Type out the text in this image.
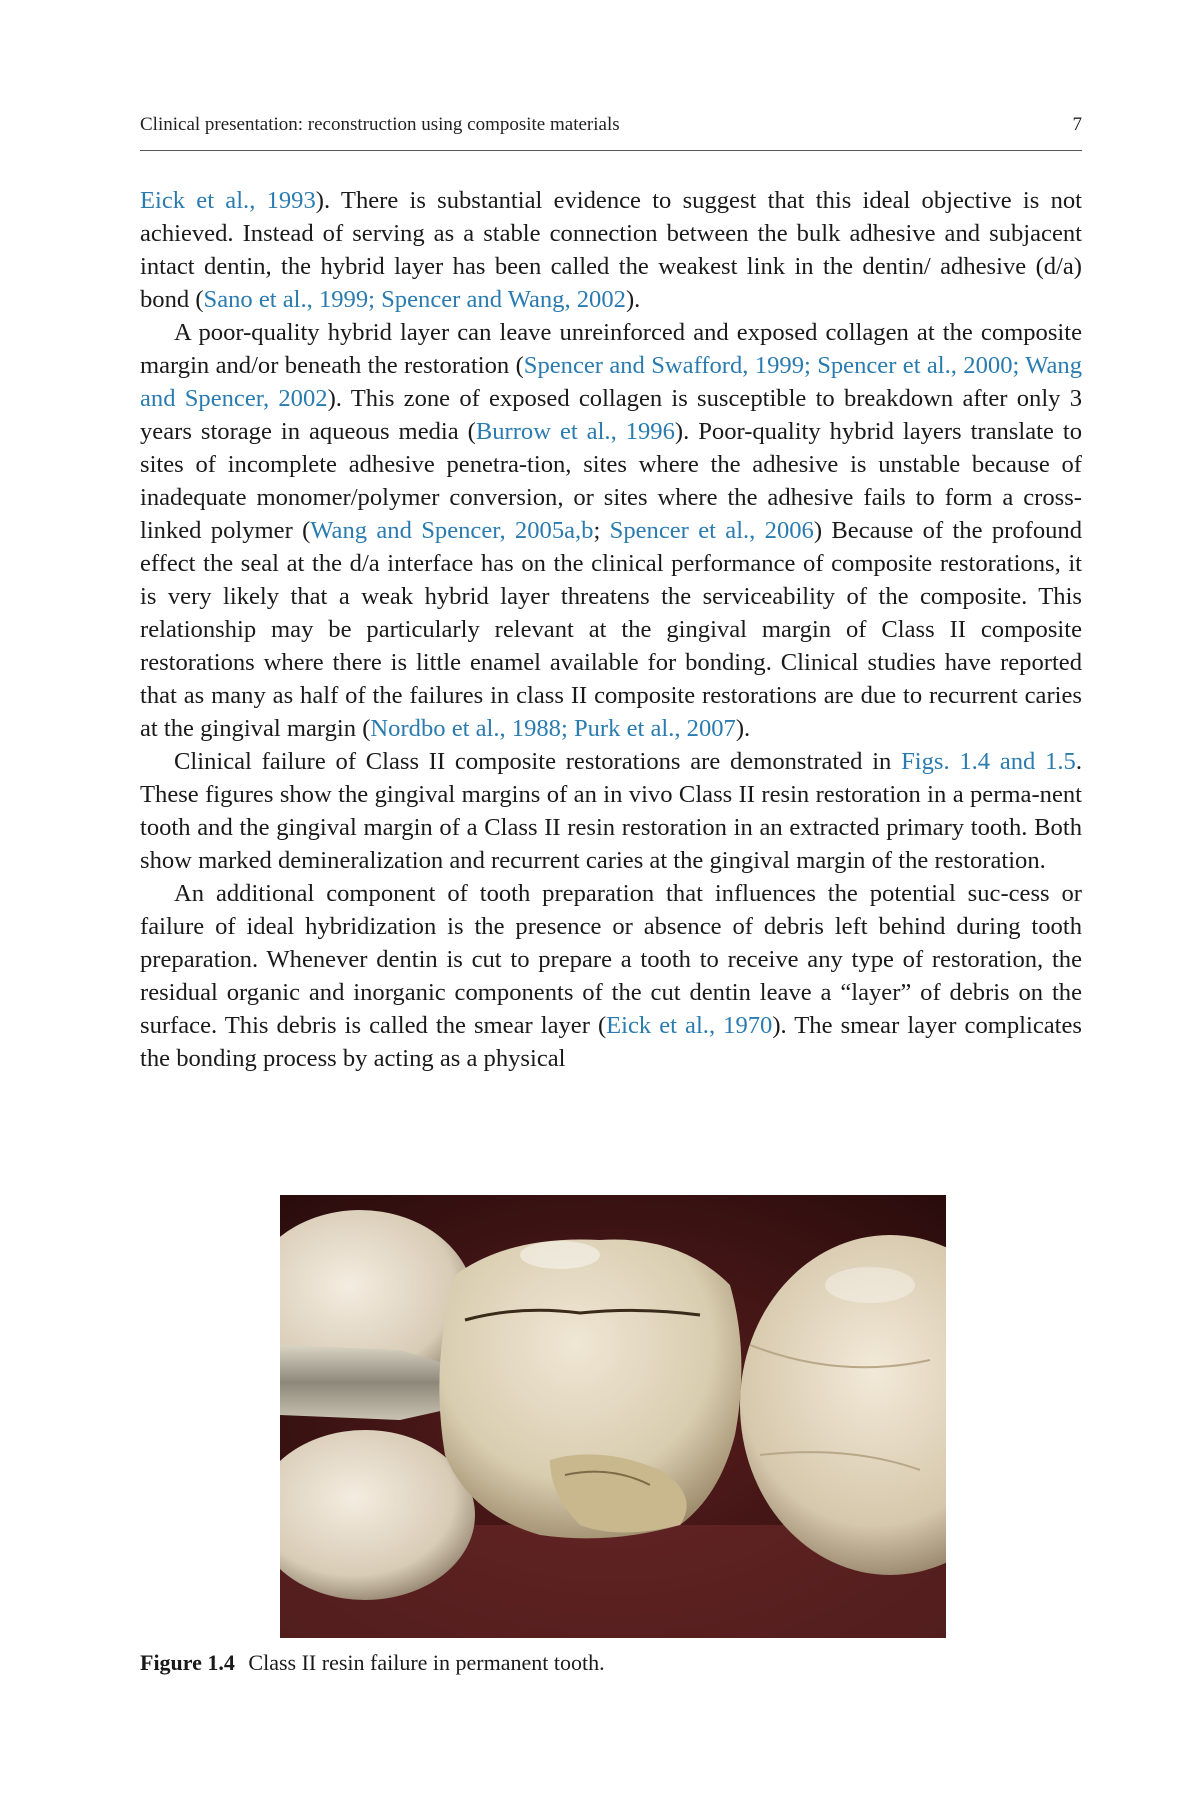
Clinical presentation: reconstruction using composite materials	7

Eick et al., 1993). There is substantial evidence to suggest that this ideal objective is not achieved. Instead of serving as a stable connection between the bulk adhesive and subjacent intact dentin, the hybrid layer has been called the weakest link in the dentin/ adhesive (d/a) bond (Sano et al., 1999; Spencer and Wang, 2002).

A poor-quality hybrid layer can leave unreinforced and exposed collagen at the composite margin and/or beneath the restoration (Spencer and Swafford, 1999; Spencer et al., 2000; Wang and Spencer, 2002). This zone of exposed collagen is susceptible to breakdown after only 3 years storage in aqueous media (Burrow et al., 1996). Poor-quality hybrid layers translate to sites of incomplete adhesive penetra-tion, sites where the adhesive is unstable because of inadequate monomer/polymer conversion, or sites where the adhesive fails to form a cross-linked polymer (Wang and Spencer, 2005a,b; Spencer et al., 2006) Because of the profound effect the seal at the d/a interface has on the clinical performance of composite restorations, it is very likely that a weak hybrid layer threatens the serviceability of the composite. This relationship may be particularly relevant at the gingival margin of Class II composite restorations where there is little enamel available for bonding. Clinical studies have reported that as many as half of the failures in class II composite restorations are due to recurrent caries at the gingival margin (Nordbo et al., 1988; Purk et al., 2007).

Clinical failure of Class II composite restorations are demonstrated in Figs. 1.4 and 1.5. These figures show the gingival margins of an in vivo Class II resin restoration in a perma-nent tooth and the gingival margin of a Class II resin restoration in an extracted primary tooth. Both show marked demineralization and recurrent caries at the gingival margin of the restoration.

An additional component of tooth preparation that influences the potential suc-cess or failure of ideal hybridization is the presence or absence of debris left behind during tooth preparation. Whenever dentin is cut to prepare a tooth to receive any type of restoration, the residual organic and inorganic components of the cut dentin leave a “layer” of debris on the surface. This debris is called the smear layer (Eick et al., 1970). The smear layer complicates the bonding process by acting as a physical

Figure 1.4 Class II resin failure in permanent tooth.
